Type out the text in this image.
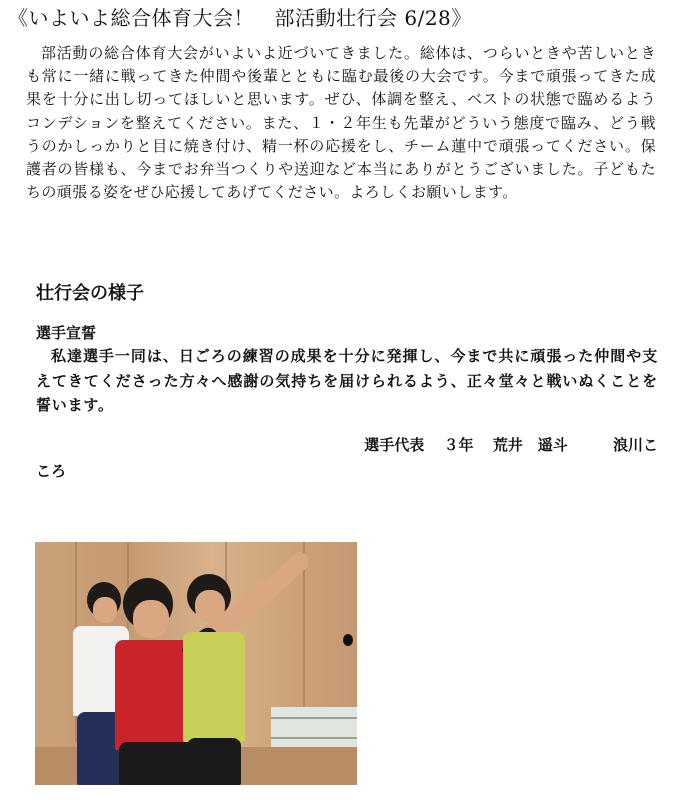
《いよいよ総合体育大会！　部活動壮行会 6/28》

部活動の総合体育大会がいよいよ近づいてきました。総体は、つらいときや苦しいときも常に一緒に戦ってきた仲間や後輩とともに臨む最後の大会です。今まで頑張ってきた成果を十分に出し切ってほしいと思います。ぜひ、体調を整え、ベストの状態で臨めるようコンデションを整えてください。また、１・２年生も先輩がどういう態度で臨み、どう戦うのかしっかりと目に焼き付け、精一杯の応援をし、チーム蓮中で頑張ってください。保護者の皆様も、今までお弁当つくりや送迎など本当にありがとうございました。子どもたちの頑張る姿をぜひ応援してあげてください。よろしくお願いします。

壮行会の様子
選手宣誓

私達選手一同は、日ごろの練習の成果を十分に発揮し、今まで共に頑張った仲間や支えてきてくださった方々へ感謝の気持ちを届けられるよう、正々堂々と戦いぬくことを誓います。

選手代表 ３年 荒井　遥斗	浪川こ
ころ
